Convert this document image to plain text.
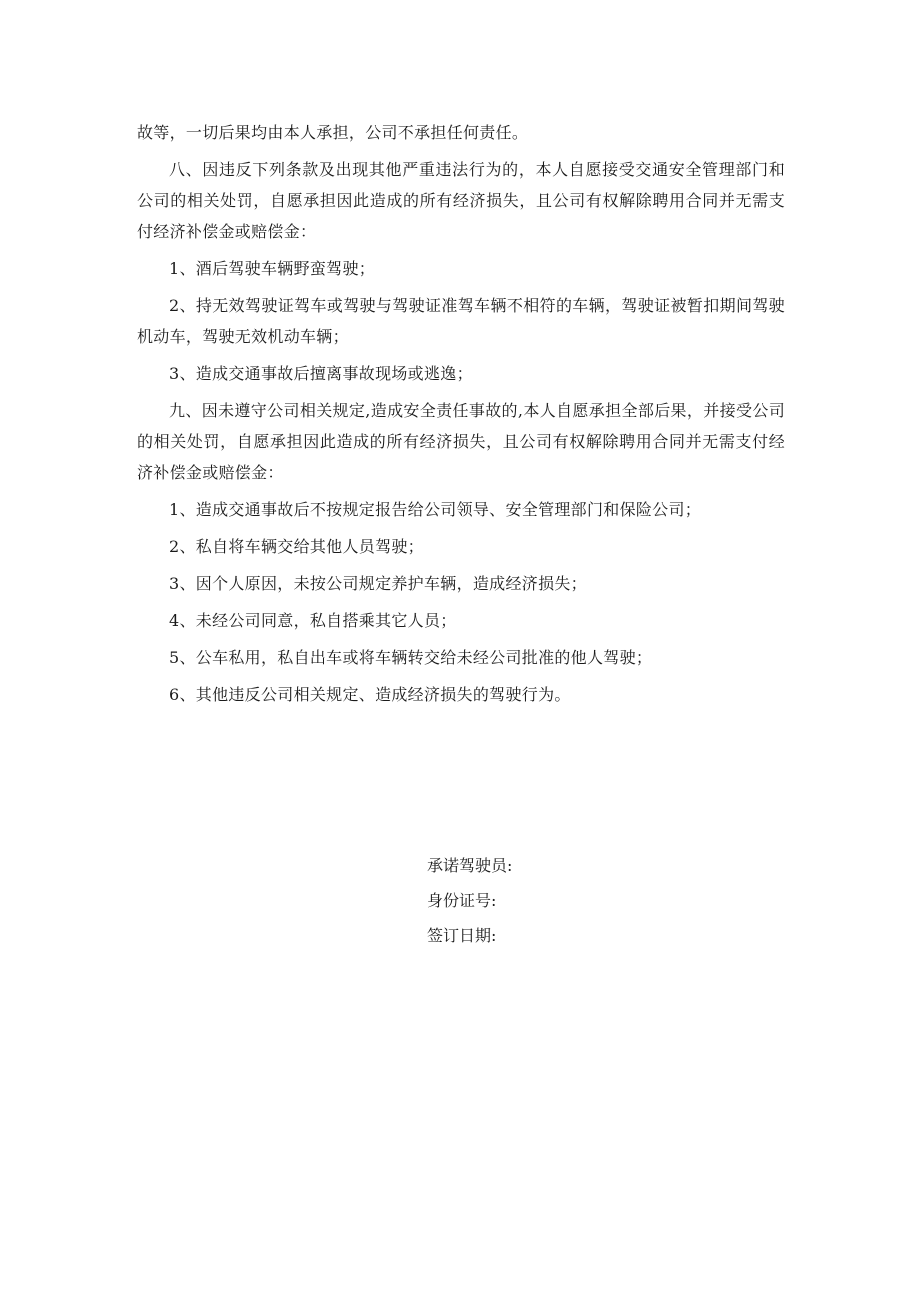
故等，一切后果均由本人承担，公司不承担任何责任。

八、因违反下列条款及出现其他严重违法行为的，本人自愿接受交通安全管理部门和公司的相关处罚，自愿承担因此造成的所有经济损失，且公司有权解除聘用合同并无需支付经济补偿金或赔偿金：

1、酒后驾驶车辆野蛮驾驶；

2、持无效驾驶证驾车或驾驶与驾驶证准驾车辆不相符的车辆，驾驶证被暂扣期间驾驶机动车，驾驶无效机动车辆；

3、造成交通事故后擅离事故现场或逃逸；

九、因未遵守公司相关规定,造成安全责任事故的,本人自愿承担全部后果，并接受公司的相关处罚，自愿承担因此造成的所有经济损失，且公司有权解除聘用合同并无需支付经济补偿金或赔偿金：

1、造成交通事故后不按规定报告给公司领导、安全管理部门和保险公司；

2、私自将车辆交给其他人员驾驶；

3、因个人原因，未按公司规定养护车辆，造成经济损失；

4、未经公司同意，私自搭乘其它人员；

5、公车私用，私自出车或将车辆转交给未经公司批准的他人驾驶；

6、其他违反公司相关规定、造成经济损失的驾驶行为。

承诺驾驶员:
身份证号:
签订日期:
